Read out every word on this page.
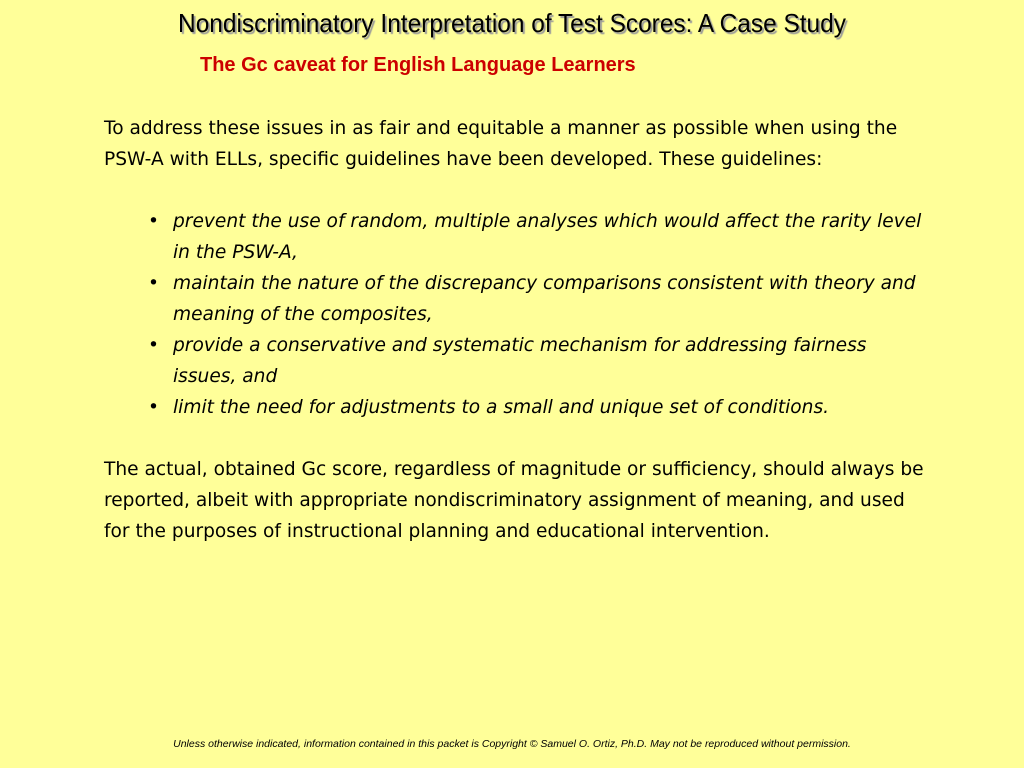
Nondiscriminatory Interpretation of Test Scores: A Case Study
The Gc caveat for English Language Learners

To address these issues in as fair and equitable a manner as possible when using the PSW-A with ELLs, specific guidelines have been developed. These guidelines:

• prevent the use of random, multiple analyses which would affect the rarity level in the PSW-A,
• maintain the nature of the discrepancy comparisons consistent with theory and meaning of the composites,
• provide a conservative and systematic mechanism for addressing fairness issues, and
• limit the need for adjustments to a small and unique set of conditions.

The actual, obtained Gc score, regardless of magnitude or sufficiency, should always be reported, albeit with appropriate nondiscriminatory assignment of meaning, and used for the purposes of instructional planning and educational intervention.

Unless otherwise indicated, information contained in this packet is Copyright © Samuel O. Ortiz, Ph.D. May not be reproduced without permission.
